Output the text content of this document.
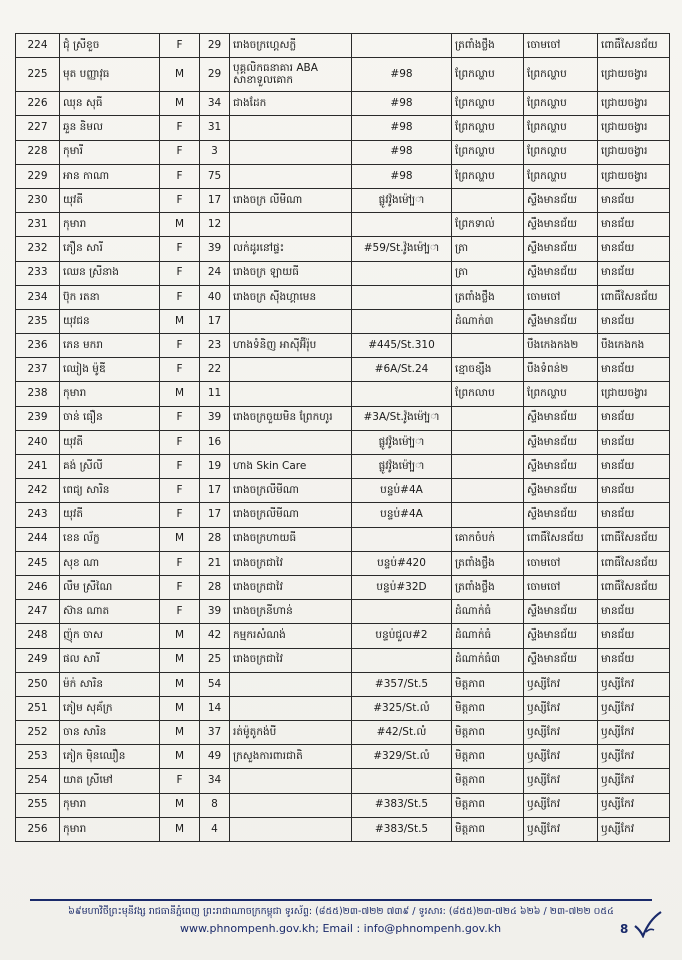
224	ជុំ ស្រីខួច	F	29	រោងចក្រហ្គេសក្លី		ត្រពាំងថ្លឹង	ចោមចៅ	ពោធិ៍សែនជ័យ
225	មុត បញ្ញាវុធ	M	29	បុគ្គលិកធនាគារ ABA សាខាទួលគោក	#98	ព្រែកល្ហាប	ព្រែកល្ហាប	ជ្រោយចង្វារ
226	ឈុន សុធី	M	34	ជាងដែក	#98	ព្រែកល្ហាប	ព្រែកល្ហាប	ជ្រោយចង្វារ
227	ឆួន និមល	F	31		#98	ព្រែកល្ហាប	ព្រែកល្ហាប	ជ្រោយចង្វារ
228	កុមារី	F	3		#98	ព្រែកល្ហាប	ព្រែកល្ហាប	ជ្រោយចង្វារ
229	អាន កាណា	F	75		#98	ព្រែកល្ហាប	ព្រែកល្ហាប	ជ្រោយចង្វារ
230	យុវតី	F	17	រោងចក្រ លីមីណា	ផ្លូវវ៉ូងម៉ៅ្បា		ស្ទឹងមានជ័យ	មានជ័យ
231	កុមារា	M	12			ព្រែកទាល់	ស្ទឹងមានជ័យ	មានជ័យ
232	ភឿន សារី	F	39	លក់ដូរនៅផ្ទះ	#59/St.វ៉ូងម៉ៅ្បា	ត្រា	ស្ទឹងមានជ័យ	មានជ័យ
233	ឈេន ស្រីនាង	F	24	រោងចក្រ ឡាយធី		ត្រា	ស្ទឹងមានជ័យ	មានជ័យ
234	ប៊ុក រតនា	F	40	រោងចក្រ ស៊ីងហ្គាមេន		ត្រពាំងថ្លឹង	ចោមចៅ	ពោធិ៍សែនជ័យ
235	យុវជន	M	17			ដំណាក់៣	ស្ទឹងមានជ័យ	មានជ័យ
236	ភេន មករា	F	23	ហាងទំនិញ អាស៊ីអ៊ីរ៉ុប	#445/St.310		បឹងកេងកង២	បឹងកេងកង
237	ឈៀង ម៉ូឌី	F	22		#6A/St.24	ខ្មោចខ្សឹង	បឹងទំពន់២	មានជ័យ
238	កុមារា	M	11			ព្រែកលាប	ព្រែកល្ហាប	ជ្រោយចង្វារ
239	ចាន់ ធឿន	F	39	រោងចក្រចួយមិន ព្រែកហូរ	#3A/St.វ៉ូងម៉ៅ្បា		ស្ទឹងមានជ័យ	មានជ័យ
240	យុវតី	F	16		ផ្លូវវ៉ូងម៉ៅ្បា		ស្ទឹងមានជ័យ	មានជ័យ
241	គង់ ស្រីលី	F	19	ហាង Skin Care	ផ្លូវវ៉ូងម៉ៅ្បា		ស្ទឹងមានជ័យ	មានជ័យ
242	ពេជ្យ សារិន	F	17	រោងចក្រលីមីណា	បន្ទប់#4A		ស្ទឹងមានជ័យ	មានជ័យ
243	យុវតី	F	17	រោងចក្រលីមីណា	បន្ទប់#4A		ស្ទឹងមានជ័យ	មានជ័យ
244	ខេន ល័ក្ខ	M	28	រោងចក្រហាយធី		គោកចំបក់	ពោធិ៍សែនជ័យ	ពោធិ៍សែនជ័យ
245	សុខ ណា	F	21	រោងចក្រជាវៃ	បន្ទប់#420	ត្រពាំងថ្លឹង	ចោមចៅ	ពោធិ៍សែនជ័យ
246	លឹម ស្រីណៃ	F	28	រោងចក្រជាវៃ	បន្ទប់#32D	ត្រពាំងថ្លឹង	ចោមចៅ	ពោធិ៍សែនជ័យ
247	ស៊ាន ណាត	F	39	រោងចក្រនីហាន់		ដំណាក់ធំ	ស្ទឹងមានជ័យ	មានជ័យ
248	ញ៉ុក ចាស	M	42	កម្មករសំណង់	បន្ទប់ជួល#2	ដំណាក់ធំ	ស្ទឹងមានជ័យ	មានជ័យ
249	ផល សារី	M	25	រោងចក្រជាវៃ		ដំណាក់ធំ៣	ស្ទឹងមានជ័យ	មានជ័យ
250	ម៉ក់ សារិន	M	54		#357/St.5	មិត្តភាព	ឫស្សីកែវ	ឫស្សីកែវ
251	ភៀម សុគ័ក្រ	M	14		#325/St.លំ	មិត្តភាព	ឫស្សីកែវ	ឫស្សីកែវ
252	ចាន សារិន	M	37	រត់ម៉ូតូកង់បី	#42/St.លំ	មិត្តភាព	ឫស្សីកែវ	ឫស្សីកែវ
253	ភៀក ម៉ិនឈឿន	M	49	ក្រសួងការពារជាតិ	#329/St.លំ	មិត្តភាព	ឫស្សីកែវ	ឫស្សីកែវ
254	យាត ស្រីមៅ	F	34			មិត្តភាព	ឫស្សីកែវ	ឫស្សីកែវ
255	កុមារា	M	8		#383/St.5	មិត្តភាព	ឫស្សីកែវ	ឫស្សីកែវ
256	កុមារា	M	4		#383/St.5	មិត្តភាព	ឫស្សីកែវ	ឫស្សីកែវ
៦៩មហាវិថីព្រះមុនីវង្ស រាជធានីភ្នំពេញ ព្រះរាជាណាចក្រកម្ពុជា ទូរស័ព្ទ: (៨៥៥)២៣-៧២២ ៧៣៩ / ទូរសារ: (៨៥៥)២៣-៧២៤ ៦២៦ / ២៣-៧២២ ០៥៤
www.phnompenh.gov.kh; Email : info@phnompenh.gov.kh	8
